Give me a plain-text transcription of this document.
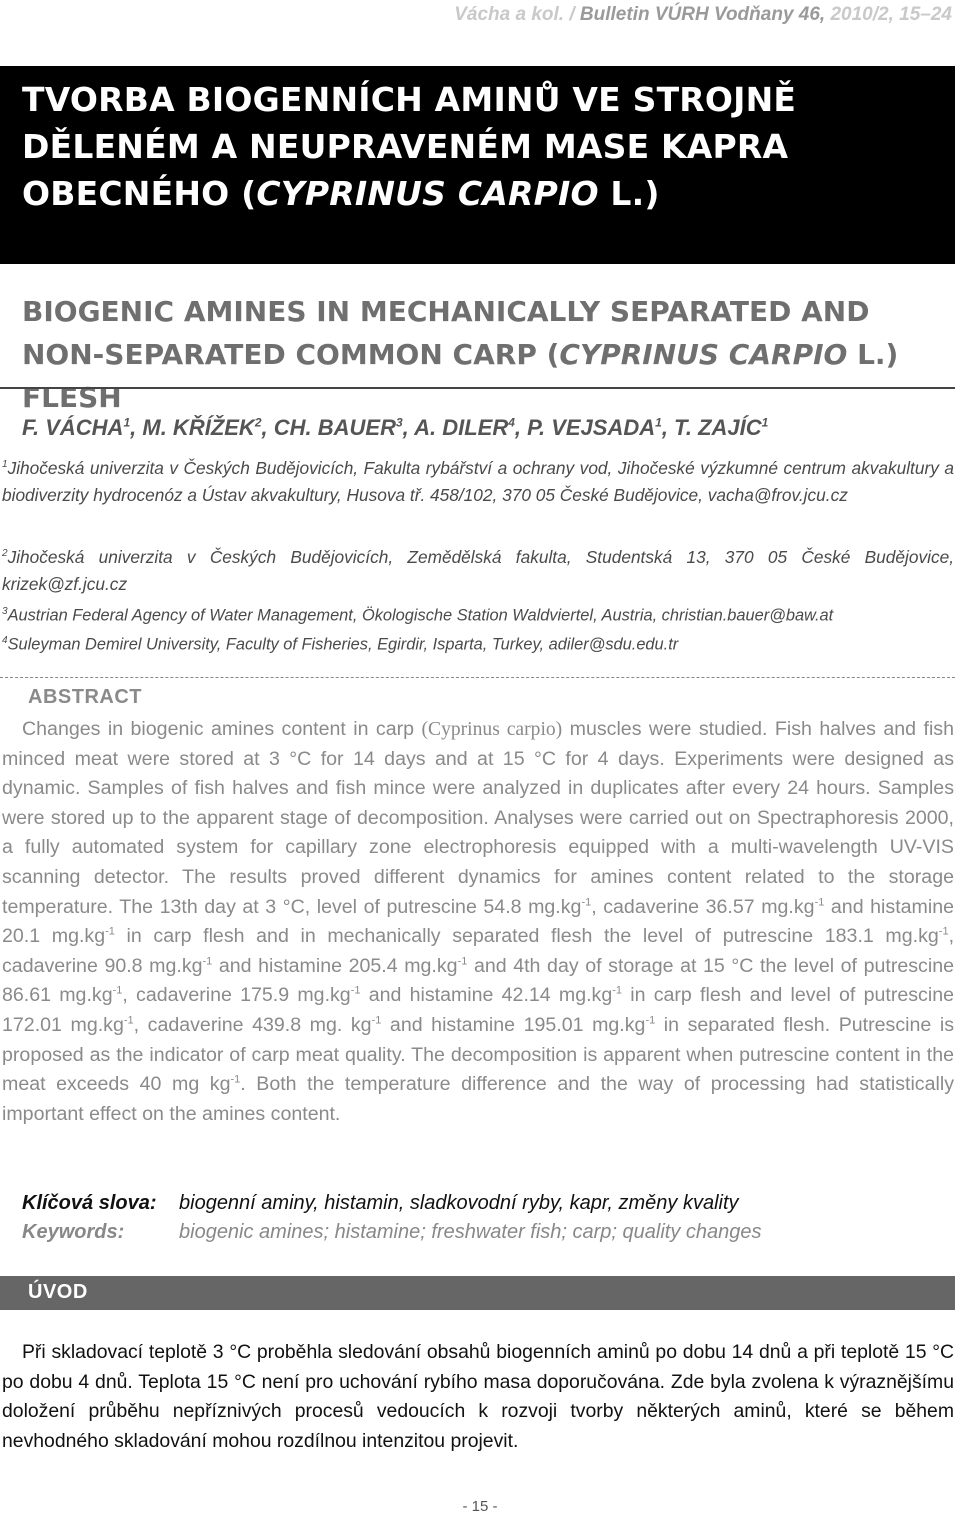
Vácha a kol. / Bulletin VÚRH Vodňany 46, 2010/2, 15–24
TVORBA BIOGENNÍCH AMINŮ VE STROJNĚ DĚLENÉM A NEUPRAVENÉM MASE KAPRA OBECNÉHO (CYPRINUS CARPIO L.)
BIOGENIC AMINES IN MECHANICALLY SEPARATED AND NON-SEPARATED COMMON CARP (CYPRINUS CARPIO L.) FLESH

F. VÁCHA$^1$, M. KŘÍŽEK$^2$, CH. BAUER$^3$, A. DILER$^4$, P. VEJSADA$^1$, T. ZAJÍC$^1$

$^1$Jihočeská univerzita v Českých Budějovicích, Fakulta rybářství a ochrany vod, Jihočeské výzkumné centrum akvakultury a biodiverzity hydrocenóz a Ústav akvakultury, Husova tř. 458/102, 370 05 České Budějovice, vacha@frov.jcu.cz

$^2$Jihočeská univerzita v Českých Budějovicích, Zemědělská fakulta, Studentská 13, 370 05 České Budějovice, krizek@zf.jcu.cz

$^3$Austrian Federal Agency of Water Management, Ökologische Station Waldviertel, Austria, christian.bauer@baw.at

$^4$Suleyman Demirel University, Faculty of Fisheries, Egirdir, Isparta, Turkey, adiler@sdu.edu.tr

ABSTRACT

Changes in biogenic amines content in carp (Cyprinus carpio) muscles were studied. Fish halves and fish minced meat were stored at 3 °C for 14 days and at 15 °C for 4 days. Experiments were designed as dynamic. Samples of fish halves and fish mince were analyzed in duplicates after every 24 hours. Samples were stored up to the apparent stage of decomposition. Analyses were carried out on Spectraphoresis 2000, a fully automated system for capillary zone electrophoresis equipped with a multi-wavelength UV-VIS scanning detector. The results proved different dynamics for amines content related to the storage temperature. The 13th day at 3 °C, level of putrescine 54.8 $mg.kg^{-1}$, cadaverine 36.57 $mg.kg^{-1}$ and histamine 20.1 $mg.kg^{-1}$ in carp flesh and in mechanically separated flesh the level of putrescine 183.1 $mg.kg^{-1}$, cadaverine 90.8 $mg.kg^{-1}$ and histamine 205.4 $mg.kg^{-1}$ and 4th day of storage at 15 °C the level of putrescine 86.61 $mg.kg^{-1}$, cadaverine 175.9 $mg.kg^{-1}$ and histamine 42.14 $mg.kg^{-1}$ in carp flesh and level of putrescine 172.01 $mg.kg^{-1}$, cadaverine 439.8 mg. $kg^{-1}$ and histamine 195.01 $mg.kg^{-1}$ in separated flesh. Putrescine is proposed as the indicator of carp meat quality. The decomposition is apparent when putrescine content in the meat exceeds 40 mg $kg^{-1}$. Both the temperature difference and the way of processing had statistically important effect on the amines content.

Klíčová slova: biogenní aminy, histamin, sladkovodní ryby, kapr, změny kvality
Keywords:	biogenic amines; histamine; freshwater fish; carp; quality changes
ÚVOD

Při skladovací teplotě 3 °C proběhla sledování obsahů biogenních aminů po dobu 14 dnů a při teplotě 15 °C po dobu 4 dnů. Teplota 15 °C není pro uchování rybího masa doporučována. Zde byla zvolena k výraznějšímu doložení průběhu nepříznivých procesů vedoucích k rozvoji tvorby některých aminů, které se během nevhodného skladování mohou rozdílnou intenzitou projevit.

- 15 -
